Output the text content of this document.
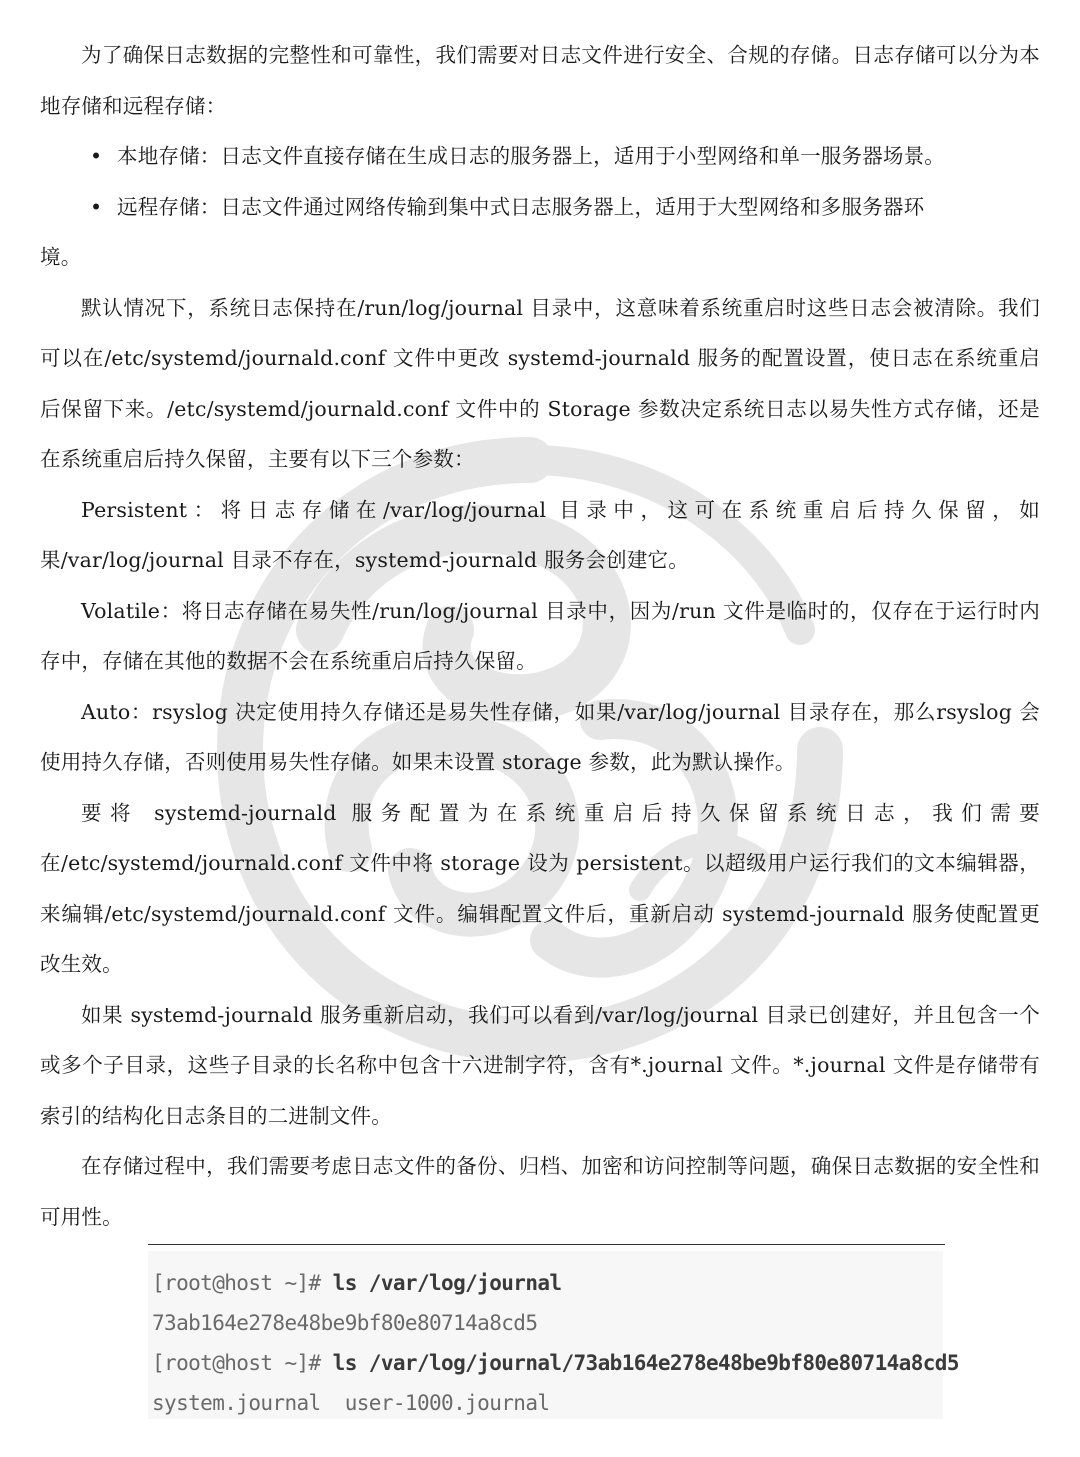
为了确保日志数据的完整性和可靠性，我们需要对日志文件进行安全、合规的存储。日志存储可以分为本地存储和远程存储：

• 本地存储：日志文件直接存储在生成日志的服务器上，适用于小型网络和单一服务器场景。
• 远程存储：日志文件通过网络传输到集中式日志服务器上，适用于大型网络和多服务器环
境。

默认情况下，系统日志保持在/run/log/journal 目录中，这意味着系统重启时这些日志会被清除。我们可以在/etc/systemd/journald.conf 文件中更改 systemd-journald 服务的配置设置，使日志在系统重启后保留下来。/etc/systemd/journald.conf 文件中的 Storage 参数决定系统日志以易失性方式存储，还是在系统重启后持久保留，主要有以下三个参数：

Persistent：将日志存储在/var/log/journal 目录中，这可在系统重启后持久保留，如果/var/log/journal 目录不存在，systemd-journald 服务会创建它。

Volatile：将日志存储在易失性/run/log/journal 目录中，因为/run 文件是临时的，仅存在于运行时内存中，存储在其他的数据不会在系统重启后持久保留。

Auto：rsyslog 决定使用持久存储还是易失性存储，如果/var/log/journal 目录存在，那么rsyslog 会使用持久存储，否则使用易失性存储。如果未设置 storage 参数，此为默认操作。

要将 systemd-journald 服务配置为在系统重启后持久保留系统日志，我们需要在/etc/systemd/journald.conf 文件中将 storage 设为 persistent。以超级用户运行我们的文本编辑器，来编辑/etc/systemd/journald.conf 文件。编辑配置文件后，重新启动 systemd-journald 服务使配置更改生效。

如果 systemd-journald 服务重新启动，我们可以看到/var/log/journal 目录已创建好，并且包含一个或多个子目录，这些子目录的长名称中包含十六进制字符，含有*.journal 文件。*.journal 文件是存储带有索引的结构化日志条目的二进制文件。

在存储过程中，我们需要考虑日志文件的备份、归档、加密和访问控制等问题，确保日志数据的安全性和可用性。

[root@host ~]# ls /var/log/journal
73ab164e278e48be9bf80e80714a8cd5
[root@host ~]# ls /var/log/journal/73ab164e278e48be9bf80e80714a8cd5
system.journal  user-1000.journal
